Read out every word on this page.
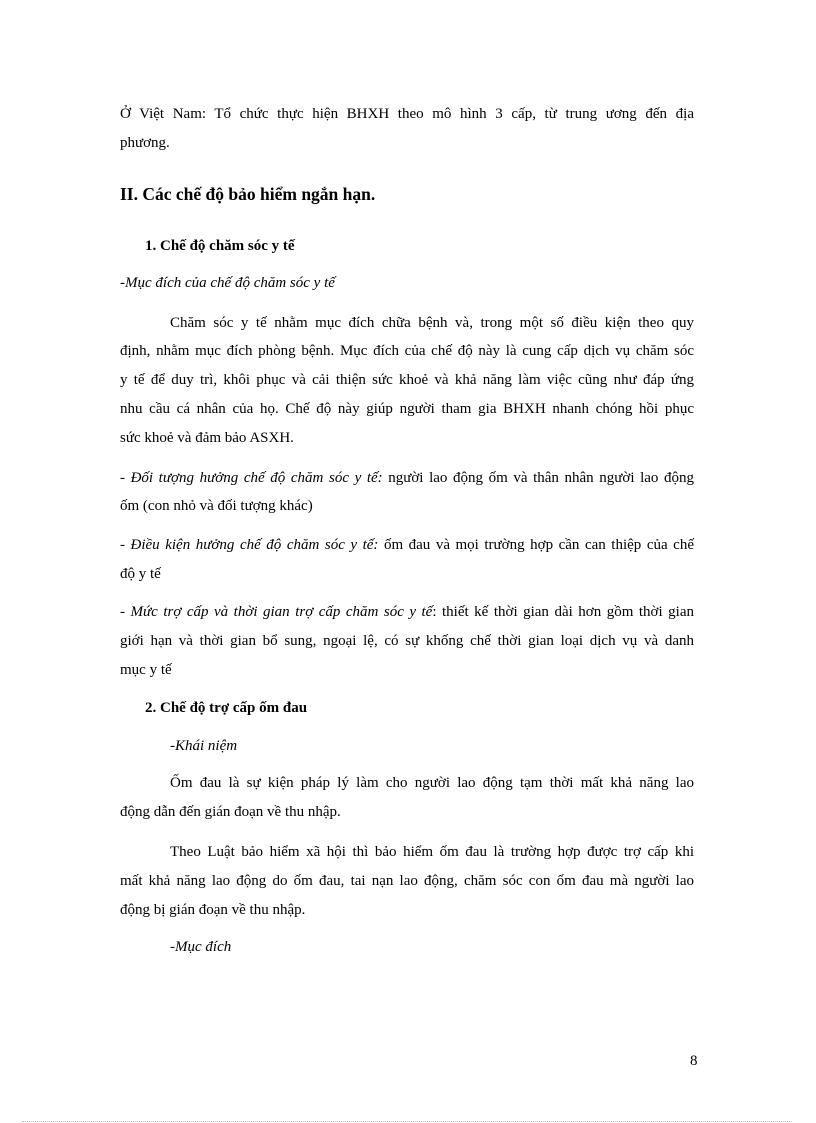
Ở Việt Nam: Tổ chức thực hiện BHXH theo mô hình 3 cấp, từ trung ương đến địa
phương.
II. Các chế độ bảo hiểm ngắn hạn.
1. Chế độ chăm sóc y tế
-Mục đích của chế độ chăm sóc y tế
Chăm sóc y tế nhằm mục đích chữa bệnh và, trong một số điều kiện theo quy
định, nhằm mục đích phòng bệnh. Mục đích của chế độ này là cung cấp dịch vụ chăm sóc
y tế để duy trì, khôi phục và cải thiện sức khoẻ và khả năng làm việc cũng như đáp ứng
nhu cầu cá nhân của họ. Chế độ này giúp người tham gia BHXH nhanh chóng hồi phục
sức khoẻ và đảm bảo ASXH.
- Đối tượng hưởng chế độ chăm sóc y tế: người lao động ốm và thân nhân người lao động
ốm (con nhỏ và đối tượng khác)
- Điều kiện hưởng chế độ chăm sóc y tế: ốm đau và mọi trường hợp cần can thiệp của chế
độ y tế
- Mức trợ cấp và thời gian trợ cấp chăm sóc y tế: thiết kế thời gian dài hơn gồm thời gian
giới hạn và thời gian bổ sung, ngoại lệ, có sự khống chế thời gian loại dịch vụ và danh
mục y tế
2. Chế độ trợ cấp ốm đau
-Khái niệm
Ốm đau là sự kiện pháp lý làm cho người lao động tạm thời mất khả năng lao
động dẫn đến gián đoạn về thu nhập.
Theo Luật bảo hiểm xã hội thì bảo hiểm ốm đau là trường hợp được trợ cấp khi
mất khả năng lao động do ốm đau, tai nạn lao động, chăm sóc con ốm đau mà người lao
động bị gián đoạn về thu nhập.
-Mục đích
8
